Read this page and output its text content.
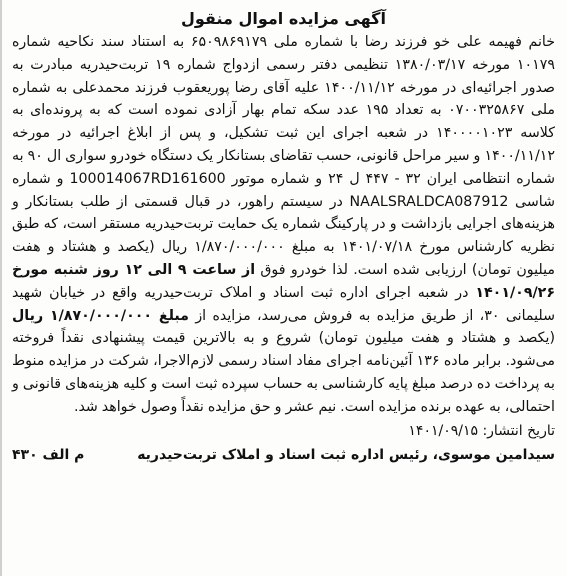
آگهی مزایده اموال منقول

خانم فهیمه علی خو فرزند رضا با شماره ملی ۶۵۰۹۸۶۹۱۷۹ به استناد سند نکاحیه شماره ۱۰۱۷۹ مورخه ۱۳۸۰/۰۳/۱۷ تنظیمی دفتر رسمی ازدواج شماره ۱۹ تربت‌حیدریه مبادرت به صدور اجرائیه‌ای در مورخه ۱۴۰۰/۱۱/۱۲ علیه آقای رضا پوریعقوب فرزند محمدعلی به شماره ملی ۰۷۰۰۳۲۵۸۶۷ به تعداد ۱۹۵ عدد سکه تمام بهار آزادی نموده است که به پرونده‌ای به کلاسه ۱۴۰۰۰۰۱۰۲۳ در شعبه اجرای این ثبت تشکیل، و پس از ابلاغ اجرائیه در مورخه ۱۴۰۰/۱۱/۱۲ و سیر مراحل قانونی، حسب تقاضای بستانکار یک دستگاه خودرو سواری ال ۹۰ به شماره انتظامی ایران ۳۲ - ۴۴۷ ل ۲۴ و شماره موتور 100014067RD161600 و شماره شاسی NAALSRALDCA087912 در سیستم راهور، در قبال قسمتی از طلب بستانکار و هزینه‌های اجرایی بازداشت و در پارکینگ شماره یک حمایت تربت‌حیدریه مستقر است، که طبق نظریه کارشناس مورخ ۱۴۰۱/۰۷/۱۸ به مبلغ ۱/۸۷۰/۰۰۰/۰۰۰ ریال (یکصد و هشتاد و هفت میلیون تومان) ارزیابی شده است. لذا خودرو فوق از ساعت ۹ الی ۱۲ روز شنبه مورخ ۱۴۰۱/۰۹/۲۶ در شعبه اجرای اداره ثبت اسناد و املاک تربت‌حیدریه واقع در خیابان شهید سلیمانی ۳۰، از طریق مزایده به فروش می‌رسد، مزایده از مبلغ ۱/۸۷۰/۰۰۰/۰۰۰ ریال (یکصد و هشتاد و هفت میلیون تومان) شروع و به بالاترین قیمت پیشنهادی نقداً فروخته می‌شود. برابر ماده ۱۳۶ آئین‌نامه اجرای مفاد اسناد رسمی لازم‌الاجرا، شرکت در مزایده منوط به پرداخت ده درصد مبلغ پایه کارشناسی به حساب سپرده ثبت است و کلیه هزینه‌های قانونی و احتمالی، به عهده برنده مزایده است. نیم عشر و حق مزایده نقداً وصول خواهد شد.

تاریخ انتشار: ۱۴۰۱/۰۹/۱۵
سیدامین موسوی، رئیس اداره ثبت اسناد و املاک تربت‌حیدریه
م الف ۴۳۰
